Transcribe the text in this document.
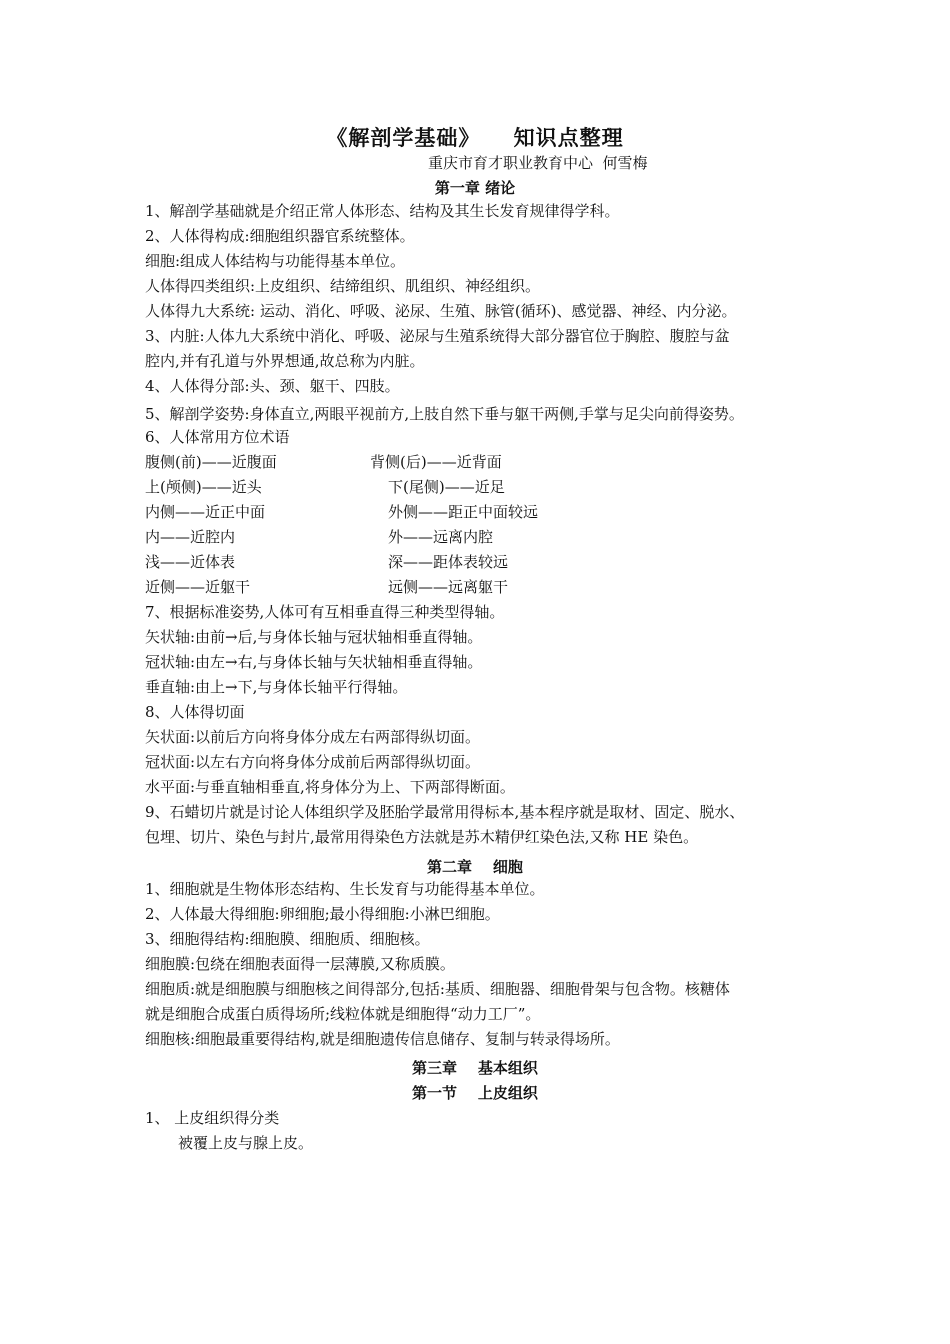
《解剖学基础》    知识点整理
重庆市育才职业教育中心  何雪梅
第一章 绪论
1、解剖学基础就是介绍正常人体形态、结构及其生长发育规律得学科。
2、人体得构成:细胞组织器官系统整体。
细胞:组成人体结构与功能得基本单位。
人体得四类组织:上皮组织、结缔组织、肌组织、神经组织。
人体得九大系统: 运动、消化、呼吸、泌尿、生殖、脉管(循环)、感觉器、神经、内分泌。
3、内脏:人体九大系统中消化、呼吸、泌尿与生殖系统得大部分器官位于胸腔、腹腔与盆
腔内,并有孔道与外界想通,故总称为内脏。
4、人体得分部:头、颈、躯干、四肢。
5、解剖学姿势:身体直立,两眼平视前方,上肢自然下垂与躯干两侧,手掌与足尖向前得姿势。
6、人体常用方位术语
腹侧(前)——近腹面	背侧(后)——近背面
上(颅侧)——近头	下(尾侧)——近足
内侧——近正中面	外侧——距正中面较远
内——近腔内	外——远离内腔
浅——近体表	深——距体表较远
近侧——近躯干	远侧——远离躯干
7、根据标准姿势,人体可有互相垂直得三种类型得轴。
矢状轴:由前→后,与身体长轴与冠状轴相垂直得轴。
冠状轴:由左→右,与身体长轴与矢状轴相垂直得轴。
垂直轴:由上→下,与身体长轴平行得轴。
8、人体得切面
矢状面:以前后方向将身体分成左右两部得纵切面。
冠状面:以左右方向将身体分成前后两部得纵切面。
水平面:与垂直轴相垂直,将身体分为上、下两部得断面。
9、石蜡切片就是讨论人体组织学及胚胎学最常用得标本,基本程序就是取材、固定、脱水、
包埋、切片、染色与封片,最常用得染色方法就是苏木精伊红染色法,又称 HE 染色。
第二章    细胞
1、细胞就是生物体形态结构、生长发育与功能得基本单位。
2、人体最大得细胞:卵细胞;最小得细胞:小淋巴细胞。
3、细胞得结构:细胞膜、细胞质、细胞核。
细胞膜:包绕在细胞表面得一层薄膜,又称质膜。
细胞质:就是细胞膜与细胞核之间得部分,包括:基质、细胞器、细胞骨架与包含物。核糖体
就是细胞合成蛋白质得场所;线粒体就是细胞得“动力工厂”。
细胞核:细胞最重要得结构,就是细胞遗传信息储存、复制与转录得场所。
第三章    基本组织
第一节    上皮组织
1、 上皮组织得分类
被覆上皮与腺上皮。
